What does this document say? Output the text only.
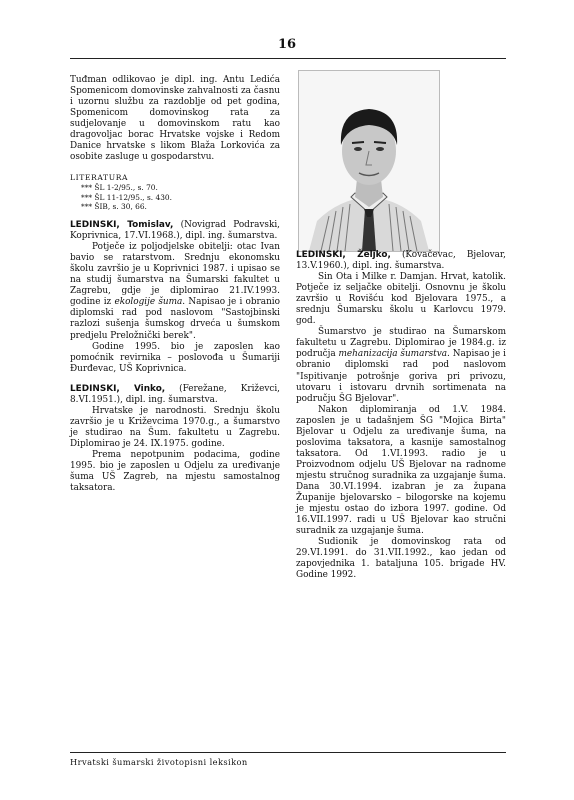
16

Tuđman odlikovao je dipl. ing. Antu Ledića Spomenicom domovinske zahvalnosti za časnu i uzornu službu za razdoblje od pet godina, Spomenicom domovinskog rata za sudjelovanje u domovinskom ratu kao dragovoljac borac Hrvatske vojske i Redom Danice hrvatske s likom Blaža Lorkovića za osobite zasluge u gospodarstvu.

LITERATURA
*** ŠL 1-2/95., s. 70.
*** ŠL 11-12/95., s. 430.
*** ŠIB, s. 30, 66.

LEDINSKI, Tomislav, (Novigrad Podravski, Koprivnica, 17.VI.1968.), dipl. ing. šumarstva.

Potječe iz poljodjelske obitelji: otac Ivan bavio se ratarstvom. Srednju ekonomsku školu završio je u Koprivnici 1987. i upisao se na studij šumarstva na Šumarski fakultet u Zagrebu, gdje je diplomirao 21.IV.1993. godine iz ekologije šuma. Napisao je i obranio diplomski rad pod naslovom "Sastojbinski razlozi sušenja šumskog drveća u šumskom predjelu Preložnički berek".

Godine 1995. bio je zaposlen kao pomoćnik revirnika – poslovođa u Šumariji Đurđevac, UŠ Koprivnica.

LEDINSKI, Vinko, (Ferežane, Križevci, 8.VI.1951.), dipl. ing. šumarstva.

Hrvatske je narodnosti. Srednju školu završio je u Križevcima 1970.g., a šumarstvo je studirao na Šum. fakultetu u Zagrebu. Diplomirao je 24. IX.1975. godine.

Prema nepotpunim podacima, godine 1995. bio je zaposlen u Odjelu za uređivanje šuma UŠ Zagreb, na mjestu samostalnog taksatora.

LEDINSKI, Željko, (Kovačevac, Bjelovar, 13.V.1960.), dipl. ing. šumarstva.

Sin Ota i Milke r. Damjan. Hrvat, katolik. Potječe iz seljačke obitelji. Osnovnu je školu završio u Rovišću kod Bjelovara 1975., a srednju Šumarsku školu u Karlovcu 1979. god.

Šumarstvo je studirao na Šumarskom fakultetu u Zagrebu. Diplomirao je 1984.g. iz područja mehanizacija šumarstva. Napisao je i obranio diplomski rad pod naslovom "Ispitivanje potrošnje goriva pri privozu, utovaru i istovaru drvnih sortimenata na području ŠG Bjelovar".

Nakon diplomiranja od 1.V. 1984. zaposlen je u tadašnjem ŠG "Mojica Birta" Bjelovar u Odjelu za uređivanje šuma, na poslovima taksatora, a kasnije samostalnog taksatora. Od 1.VI.1993. radio je u Proizvodnom odjelu UŠ Bjelovar na radnome mjestu stručnog suradnika za uzgajanje šuma. Dana 30.VI.1994. izabran je za župana Županije bjelovarsko – bilogorske na kojemu je mjestu ostao do izbora 1997. godine. Od 16.VII.1997. radi u UŠ Bjelovar kao stručni suradnik za uzgajanje šuma.

Sudionik je domovinskog rata od 29.VI.1991. do 31.VII.1992., kao jedan od zapovjednika 1. bataljuna 105. brigade HV. Godine 1992.

Hrvatski šumarski životopisni leksikon
